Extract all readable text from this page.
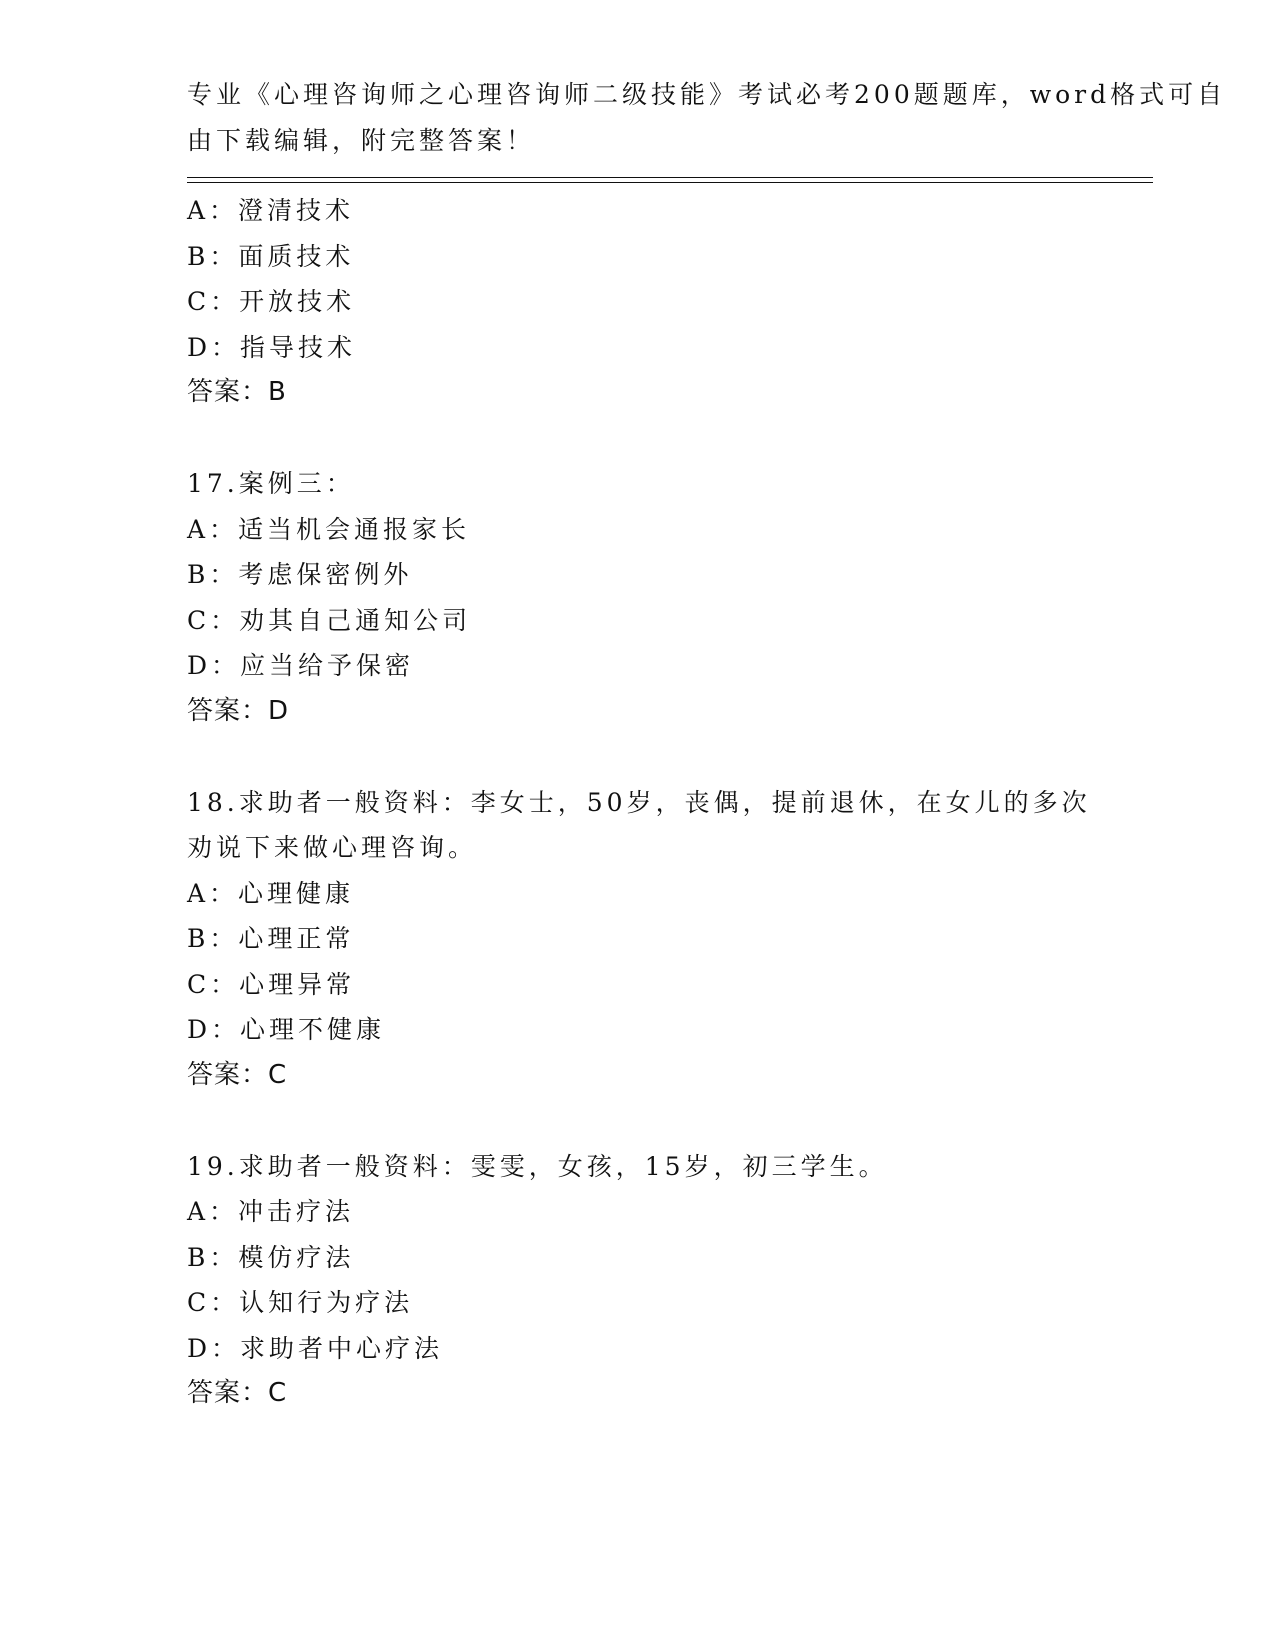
专业《心理咨询师之心理咨询师二级技能》考试必考200题题库，word格式可自
由下载编辑，附完整答案！
A：澄清技术
B：面质技术
C：开放技术
D：指导技术
答案：B
17.案例三：
A：适当机会通报家长
B：考虑保密例外
C：劝其自己通知公司
D：应当给予保密
答案：D
18.求助者一般资料：李女士，50岁，丧偶，提前退休，在女儿的多次
劝说下来做心理咨询。
A：心理健康
B：心理正常
C：心理异常
D：心理不健康
答案：C
19.求助者一般资料：雯雯，女孩，15岁，初三学生。
A：冲击疗法
B：模仿疗法
C：认知行为疗法
D：求助者中心疗法
答案：C
